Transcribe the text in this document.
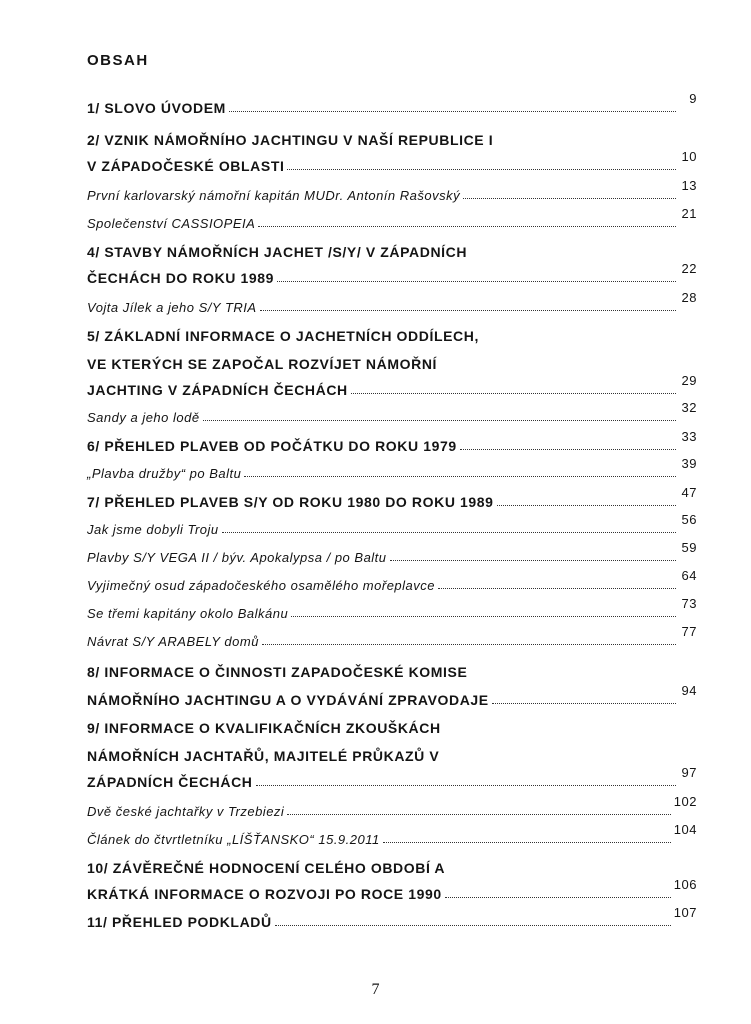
OBSAH
1/ SLOVO ÚVODEM
9
2/ VZNIK NÁMOŘNÍHO JACHTINGU V NAŠÍ REPUBLICE I
V ZÁPADOČESKÉ OBLASTI
10
První karlovarský námořní kapitán MUDr. Antonín Rašovský
13
Společenství CASSIOPEIA
21
4/ STAVBY NÁMOŘNÍCH JACHET /S/Y/ V ZÁPADNÍCH
ČECHÁCH DO ROKU 1989
22
Vojta Jílek a jeho S/Y TRIA
28
5/ ZÁKLADNÍ INFORMACE O JACHETNÍCH ODDÍLECH,
VE KTERÝCH SE ZAPOČAL ROZVÍJET NÁMOŘNÍ
JACHTING V ZÁPADNÍCH ČECHÁCH
29
Sandy a jeho lodě
32
6/ PŘEHLED PLAVEB OD POČÁTKU DO ROKU 1979
33
„Plavba družby“ po Baltu
39
7/ PŘEHLED PLAVEB S/Y OD ROKU 1980 DO ROKU 1989
47
Jak jsme dobyli Troju
56
Plavby S/Y VEGA II / býv. Apokalypsa / po Baltu
59
Vyjimečný osud západočeského osamělého mořeplavce
64
Se třemi kapitány okolo Balkánu
73
Návrat S/Y ARABELY domů
77
8/ INFORMACE O ČINNOSTI ZAPADOČESKÉ KOMISE
NÁMOŘNÍHO JACHTINGU A O VYDÁVÁNÍ ZPRAVODAJE
94
9/ INFORMACE O KVALIFIKAČNÍCH ZKOUŠKÁCH
NÁMOŘNÍCH JACHTAŘŮ, MAJITELÉ PRŮKAZŮ V
ZÁPADNÍCH ČECHÁCH
97
Dvě české jachtařky v Trzebiezi
102
Článek do čtvrtletníku „LÍŠŤANSKO“ 15.9.2011
104
10/ ZÁVĚREČNÉ HODNOCENÍ CELÉHO OBDOBÍ A
KRÁTKÁ INFORMACE O ROZVOJI PO ROCE 1990
106
11/ PŘEHLED PODKLADŮ
107
7
